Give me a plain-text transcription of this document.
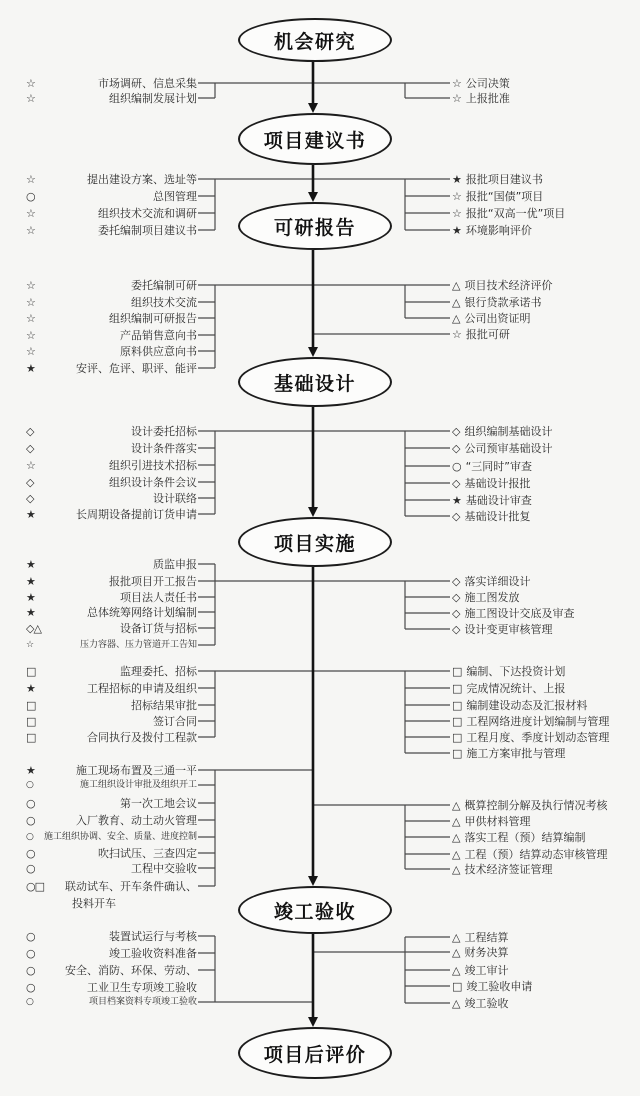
机会研究
项目建议书
可研报告
基础设计
项目实施
竣工验收
项目后评价
☆	市场调研、信息采集
☆	组织编制发展计划
☆ 公司决策
☆ 上报批准
☆	提出建设方案、选址等
○	总图管理
☆	组织技术交流和调研
☆	委托编制项目建议书
★ 报批项目建议书
☆ 报批“国债”项目
☆ 报批“双高一优”项目
★ 环境影响评价
☆	委托编制可研
☆	组织技术交流
☆	组织编制可研报告
☆	产品销售意向书
☆	原料供应意向书
★	安评、危评、职评、能评
△ 项目技术经济评价
△ 银行贷款承诺书
△ 公司出资证明
☆ 报批可研
◇	设计委托招标
◇	设计条件落实
☆	组织引进技术招标
◇	组织设计条件会议
◇	设计联络
★	长周期设备提前订货申请
◇ 组织编制基础设计
◇ 公司预审基础设计
○ “三同时”审查
◇ 基础设计报批
★ 基础设计审查
◇ 基础设计批复
★	质监申报
★	报批项目开工报告
★	项目法人责任书
★	总体统筹网络计划编制
◇△	设备订货与招标
☆	压力容器、压力管道开工告知
◇ 落实详细设计
◇ 施工图发放
◇ 施工图设计交底及审查
◇ 设计变更审核管理
□	监理委托、招标
★	工程招标的申请及组织
□	招标结果审批
□	签订合同
□	合同执行及拨付工程款
□ 编制、下达投资计划
□ 完成情况统计、上报
□ 编制建设动态及汇报材料
□ 工程网络进度计划编制与管理
□ 工程月度、季度计划动态管理
□ 施工方案审批与管理
★	施工现场布置及三通一平
○	施工组织设计审批及组织开工
○	第一次工地会议
○	入厂教育、动土动火管理
○ 施工组织协调、安全、质量、进度控制
○	吹扫试压、三查四定
○	工程中交验收
○□ 联动试车、开车条件确认、
投料开车
△ 概算控制分解及执行情况考核
△ 甲供材料管理
△ 落实工程（预）结算编制
△ 工程（预）结算动态审核管理
△ 技术经济签证管理
○	装置试运行与考核
○	竣工验收资料准备
○	安全、消防、环保、劳动、
○	工业卫生专项竣工验收
○	项目档案资料专项竣工验收
△ 工程结算
△ 财务决算
△ 竣工审计
□ 竣工验收申请
△ 竣工验收
